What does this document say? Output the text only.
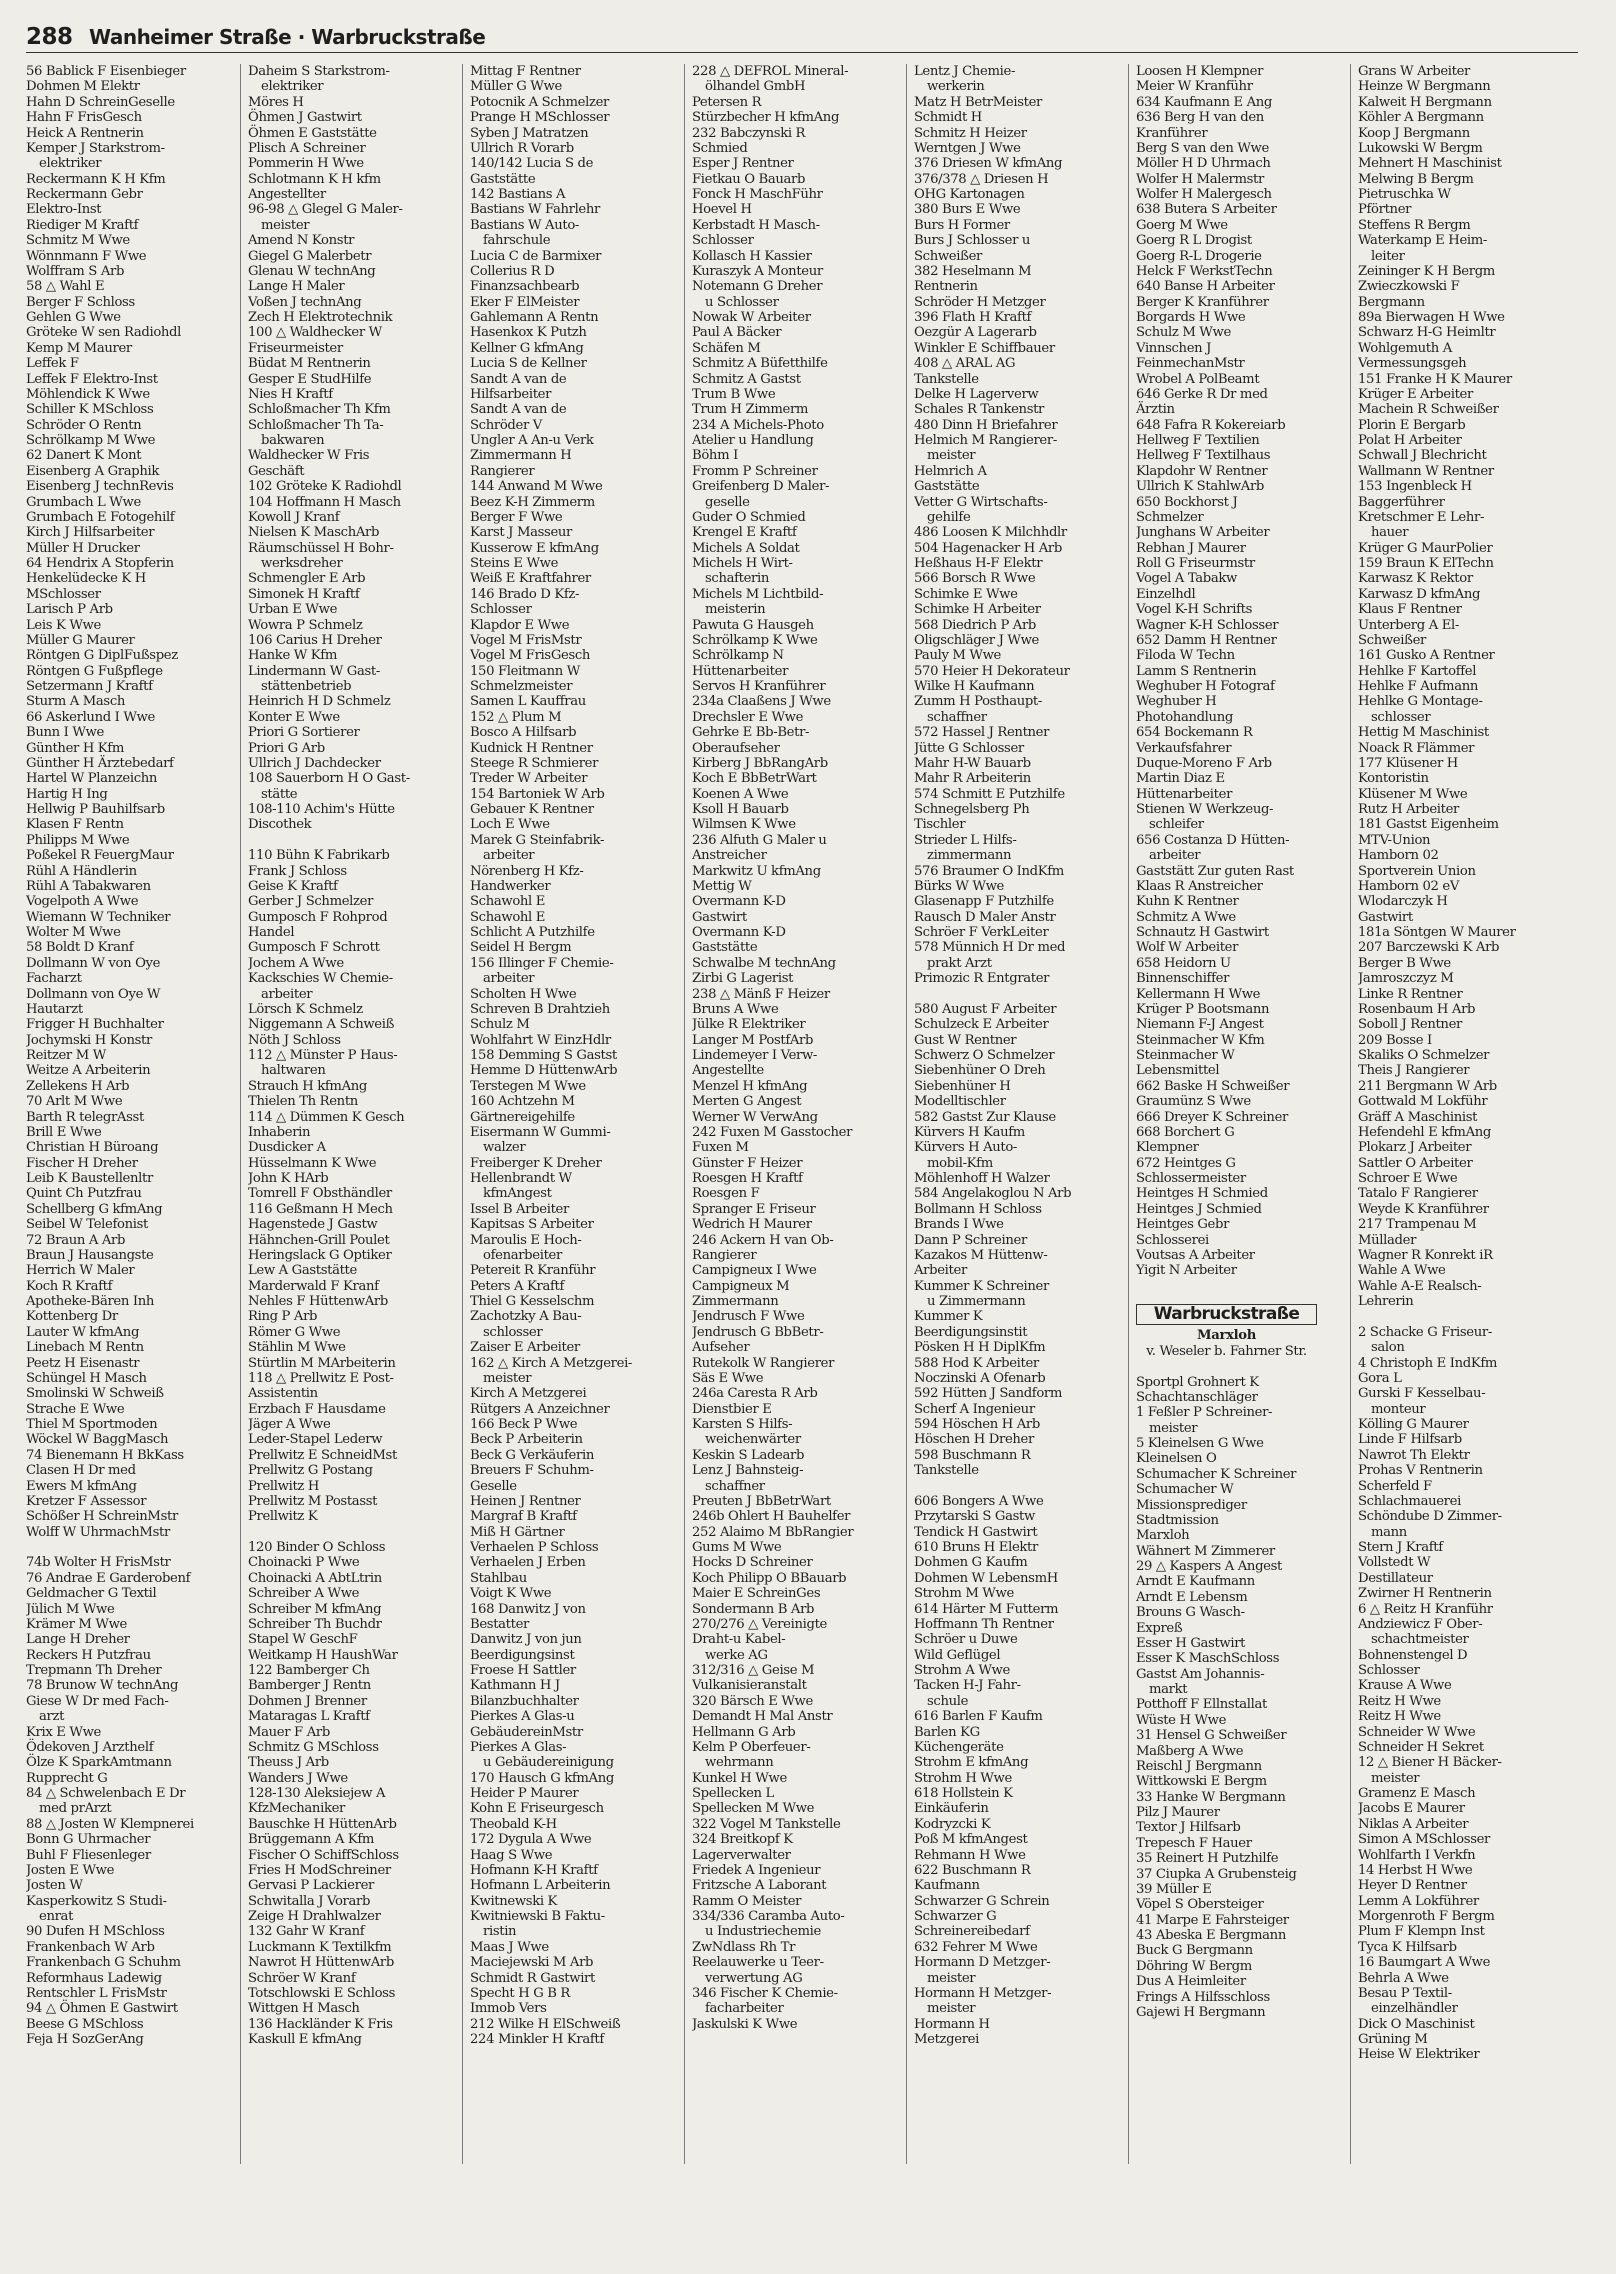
288 Wanheimer Straße · Warbruckstraße
56 Bablick F Eisenbieger
Dohmen M Elektr
Hahn D SchreinGeselle
Hahn F FrisGesch
Heick A Rentnerin
Kemper J Starkstrom-
elektriker
Reckermann K H Kfm
Reckermann Gebr
Elektro-Inst
Riediger M Kraftf
Schmitz M Wwe
Wönnmann F Wwe
Wolffram S Arb
58 △ Wahl E
Berger F Schloss
Gehlen G Wwe
Gröteke W sen Radiohdl
Kemp M Maurer
Leffek F
Leffek F Elektro-Inst
Möhlendick K Wwe
Schiller K MSchloss
Schröder O Rentn
Schrölkamp M Wwe
62 Danert K Mont
Eisenberg A Graphik
Eisenberg J technRevis
Grumbach L Wwe
Grumbach E Fotogehilf
Kirch J Hilfsarbeiter
Müller H Drucker
64 Hendrix A Stopferin
Henkelüdecke K H
MSchlosser
Larisch P Arb
Leis K Wwe
Müller G Maurer
Röntgen G DiplFußspez
Röntgen G Fußpflege
Setzermann J Kraftf
Sturm A Masch
66 Askerlund I Wwe
Bunn I Wwe
Günther H Kfm
Günther H Ärztebedarf
Hartel W Planzeichn
Hartig H Ing
Hellwig P Bauhilfsarb
Klasen F Rentn
Philipps M Wwe
Poßekel R FeuergMaur
Rühl A Händlerin
Rühl A Tabakwaren
Vogelpoth A Wwe
Wiemann W Techniker
Wolter M Wwe
58 Boldt D Kranf
Dollmann W von Oye
Facharzt
Dollmann von Oye W
Hautarzt
Frigger H Buchhalter
Jochymski H Konstr
Reitzer M W
Weitze A Arbeiterin
Zellekens H Arb
70 Arlt M Wwe
Barth R telegrAsst
Brill E Wwe
Christian H Büroang
Fischer H Dreher
Leib K Baustellenltr
Quint Ch Putzfrau
Schellberg G kfmAng
Seibel W Telefonist
72 Braun A Arb
Braun J Hausangste
Herrich W Maler
Koch R Kraftf
Apotheke-Bären Inh
Kottenberg Dr
Lauter W kfmAng
Linebach M Rentn
Peetz H Eisenastr
Schüngel H Masch
Smolinski W Schweiß
Strache E Wwe
Thiel M Sportmoden
Wöckel W BaggMasch
74 Bienemann H BkKass
Clasen H Dr med
Ewers M kfmAng
Kretzer F Assessor
Schößer H SchreinMstr
Wolff W UhrmachMstr

74b Wolter H FrisMstr
76 Andrae E Garderobenf
Geldmacher G Textil
Jülich M Wwe
Krämer M Wwe
Lange H Dreher
Reckers H Putzfrau
Trepmann Th Dreher
78 Brunow W technAng
Giese W Dr med Fach-
arzt
Krix E Wwe
Ödekoven J Arzthelf
Ölze K SparkAmtmann
Rupprecht G
84 △ Schwelenbach E Dr
med prArzt
88 △ Josten W Klempnerei
Bonn G Uhrmacher
Buhl F Fliesenleger
Josten E Wwe
Josten W
Kasperkowitz S Studi-
enrat
90 Dufen H MSchloss
Frankenbach W Arb
Frankenbach G Schuhm
Reformhaus Ladewig
Rentschler L FrisMstr
94 △ Öhmen E Gastwirt
Beese G MSchloss
Feja H SozGerAng
Daheim S Starkstrom-
elektriker
Möres H
Öhmen J Gastwirt
Öhmen E Gaststätte
Plisch A Schreiner
Pommerin H Wwe
Schlotmann K H kfm
Angestellter
96-98 △ Glegel G Maler-
meister
Amend N Konstr
Giegel G Malerbetr
Glenau W technAng
Lange H Maler
Voßen J technAng
Zech H Elektrotechnik
100 △ Waldhecker W
Friseurmeister
Büdat M Rentnerin
Gesper E StudHilfe
Nies H Kraftf
Schloßmacher Th Kfm
Schloßmacher Th Ta-
bakwaren
Waldhecker W Fris
Geschäft
102 Gröteke K Radiohdl
104 Hoffmann H Masch
Kowoll J Kranf
Nielsen K MaschArb
Räumschüssel H Bohr-
werksdreher
Schmengler E Arb
Simonek H Kraftf
Urban E Wwe
Wowra P Schmelz
106 Carius H Dreher
Hanke W Kfm
Lindermann W Gast-
stättenbetrieb
Heinrich H D Schmelz
Konter E Wwe
Priori G Sortierer
Priori G Arb
Ullrich J Dachdecker
108 Sauerborn H O Gast-
stätte
108-110 Achim's Hütte
Discothek

110 Bühn K Fabrikarb
Frank J Schloss
Geise K Kraftf
Gerber J Schmelzer
Gumposch F Rohprod
Handel
Gumposch F Schrott
Jochem A Wwe
Kackschies W Chemie-
arbeiter
Lörsch K Schmelz
Niggemann A Schweiß
Nöth J Schloss
112 △ Münster P Haus-
haltwaren
Strauch H kfmAng
Thielen Th Rentn
114 △ Dümmen K Gesch
Inhaberin
Dusdicker A
Hüsselmann K Wwe
John K HArb
Tomrell F Obsthändler
116 Geßmann H Mech
Hagenstede J Gastw
Hähnchen-Grill Poulet
Heringslack G Optiker
Lew A Gaststätte
Marderwald F Kranf
Nehles F HüttenwArb
Ring P Arb
Römer G Wwe
Stählin M Wwe
Stürtlin M MArbeiterin
118 △ Prellwitz E Post-
Assistentin
Erzbach F Hausdame
Jäger A Wwe
Leder-Stapel Lederw
Prellwitz E SchneidMst
Prellwitz G Postang
Prellwitz H
Prellwitz M Postasst
Prellwitz K

120 Binder O Schloss
Choinacki P Wwe
Choinacki A AbtLtrin
Schreiber A Wwe
Schreiber M kfmAng
Schreiber Th Buchdr
Stapel W GeschF
Weitkamp H HaushWar
122 Bamberger Ch
Bamberger J Rentn
Dohmen J Brenner
Mataragas L Kraftf
Mauer F Arb
Schmitz G MSchloss
Theuss J Arb
Wanders J Wwe
128-130 Aleksiejew A
KfzMechaniker
Bauschke H HüttenArb
Brüggemann A Kfm
Fischer O SchiffSchloss
Fries H ModSchreiner
Gervasi P Lackierer
Schwitalla J Vorarb
Zeige H Drahlwalzer
132 Gahr W Kranf
Luckmann K Textilkfm
Nawrot H HüttenwArb
Schröer W Kranf
Totschlowski E Schloss
Wittgen H Masch
136 Hackländer K Fris
Kaskull E kfmAng
Mittag F Rentner
Müller G Wwe
Potocnik A Schmelzer
Prange H MSchlosser
Syben J Matratzen
Ullrich R Vorarb
140/142 Lucia S de
Gaststätte
142 Bastians A
Bastians W Fahrlehr
Bastians W Auto-
fahrschule
Lucia C de Barmixer
Collerius R D
Finanzsachbearb
Eker F ElMeister
Gahlemann A Rentn
Hasenkox K Putzh
Kellner G kfmAng
Lucia S de Kellner
Sandt A van de
Hilfsarbeiter
Sandt A van de
Schröder V
Ungler A An-u Verk
Zimmermann H
Rangierer
144 Anwand M Wwe
Beez K-H Zimmerm
Berger F Wwe
Karst J Masseur
Kusserow E kfmAng
Steins E Wwe
Weiß E Kraftfahrer
146 Brado D Kfz-
Schlosser
Klapdor E Wwe
Vogel M FrisMstr
Vogel M FrisGesch
150 Fleitmann W
Schmelzmeister
Samen L Kauffrau
152 △ Plum M
Bosco A Hilfsarb
Kudnick H Rentner
Steege R Schmierer
Treder W Arbeiter
154 Bartoniek W Arb
Gebauer K Rentner
Loch E Wwe
Marek G Steinfabrik-
arbeiter
Nörenberg H Kfz-
Handwerker
Schawohl E
Schawohl E
Schlicht A Putzhilfe
Seidel H Bergm
156 Illinger F Chemie-
arbeiter
Scholten H Wwe
Schreven B Drahtzieh
Schulz M
Wohlfahrt W EinzHdlr
158 Demming S Gastst
Hemme D HüttenwArb
Terstegen M Wwe
160 Achtzehn M
Gärtnereigehilfe
Eisermann W Gummi-
walzer
Freiberger K Dreher
Hellenbrandt W
kfmAngest
Issel B Arbeiter
Kapitsas S Arbeiter
Maroulis E Hoch-
ofenarbeiter
Petereit R Kranführ
Peters A Kraftf
Thiel G Kesselschm
Zachotzky A Bau-
schlosser
Zaiser E Arbeiter
162 △ Kirch A Metzgerei-
meister
Kirch A Metzgerei
Rütgers A Anzeichner
166 Beck P Wwe
Beck P Arbeiterin
Beck G Verkäuferin
Breuers F Schuhm-
Geselle
Heinen J Rentner
Margraf B Kraftf
Miß H Gärtner
Verhaelen P Schloss
Verhaelen J Erben
Stahlbau
Voigt K Wwe
168 Danwitz J von
Bestatter
Danwitz J von jun
Beerdigungsinst
Froese H Sattler
Kathmann H J
Bilanzbuchhalter
Pierkes A Glas-u
GebäudereinMstr
Pierkes A Glas-
u Gebäudereinigung
170 Hausch G kfmAng
Heider P Maurer
Kohn E Friseurgesch
Theobald K-H
172 Dygula A Wwe
Haag S Wwe
Hofmann K-H Kraftf
Hofmann L Arbeiterin
Kwitnewski K
Kwitniewski B Faktu-
ristin
Maas J Wwe
Maciejewski M Arb
Schmidt R Gastwirt
Specht H G B R
Immob Vers
212 Wilke H ElSchweiß
224 Minkler H Kraftf
228 △ DEFROL Mineral-
ölhandel GmbH
Petersen R
Stürzbecher H kfmAng
232 Babczynski R
Schmied
Esper J Rentner
Fietkau O Bauarb
Fonck H MaschFühr
Hoevel H
Kerbstadt H Masch-
Schlosser
Kollasch H Kassier
Kuraszyk A Monteur
Notemann G Dreher
u Schlosser
Nowak W Arbeiter
Paul A Bäcker
Schäfen M
Schmitz A Büfetthilfe
Schmitz A Gastst
Trum B Wwe
Trum H Zimmerm
234 A Michels-Photo
Atelier u Handlung
Böhm I
Fromm P Schreiner
Greifenberg D Maler-
geselle
Guder O Schmied
Krengel E Kraftf
Michels A Soldat
Michels H Wirt-
schafterin
Michels M Lichtbild-
meisterin
Pawuta G Hausgeh
Schrölkamp K Wwe
Schrölkamp N
Hüttenarbeiter
Servos H Kranführer
234a Claaßens J Wwe
Drechsler E Wwe
Gehrke E Bb-Betr-
Oberaufseher
Kirberg J BbRangArb
Koch E BbBetrWart
Koenen A Wwe
Ksoll H Bauarb
Wilmsen K Wwe
236 Alfuth G Maler u
Anstreicher
Markwitz U kfmAng
Mettig W
Overmann K-D
Gastwirt
Overmann K-D
Gaststätte
Schwalbe M technAng
Zirbi G Lagerist
238 △ Mänß F Heizer
Bruns A Wwe
Jülke R Elektriker
Langer M PostfArb
Lindemeyer I Verw-
Angestellte
Menzel H kfmAng
Merten G Angest
Werner W VerwAng
242 Fuxen M Gasstocher
Fuxen M
Günster F Heizer
Roesgen H Kraftf
Roesgen F
Spranger E Friseur
Wedrich H Maurer
246 Ackern H van Ob-
Rangierer
Campigneux I Wwe
Campigneux M
Zimmermann
Jendrusch F Wwe
Jendrusch G BbBetr-
Aufseher
Rutekolk W Rangierer
Säs E Wwe
246a Caresta R Arb
Dienstbier E
Karsten S Hilfs-
weichenwärter
Keskin S Ladearb
Lenz J Bahnsteig-
schaffner
Preuten J BbBetrWart
246b Ohlert H Bauhelfer
252 Alaimo M BbRangier
Gums M Wwe
Hocks D Schreiner
Koch Philipp O BBauarb
Maier E SchreinGes
Sondermann B Arb
270/276 △ Vereinigte
Draht-u Kabel-
werke AG
312/316 △ Geise M
Vulkanisieranstalt
320 Bärsch E Wwe
Demandt H Mal Anstr
Hellmann G Arb
Kelm P Oberfeuer-
wehrmann
Kunkel H Wwe
Spellecken L
Spellecken M Wwe
322 Vogel M Tankstelle
324 Breitkopf K
Lagerverwalter
Friedek A Ingenieur
Fritzsche A Laborant
Ramm O Meister
334/336 Caramba Auto-
u Industriechemie
ZwNdlass Rh Tr
Reelauwerke u Teer-
verwertung AG
346 Fischer K Chemie-
facharbeiter
Jaskulski K Wwe
Lentz J Chemie-
werkerin
Matz H BetrMeister
Schmidt H
Schmitz H Heizer
Werntgen J Wwe
376 Driesen W kfmAng
376/378 △ Driesen H
OHG Kartonagen
380 Burs E Wwe
Burs H Former
Burs J Schlosser u
Schweißer
382 Heselmann M
Rentnerin
Schröder H Metzger
396 Flath H Kraftf
Oezgür A Lagerarb
Winkler E Schiffbauer
408 △ ARAL AG
Tankstelle
Delke H Lagerverw
Schales R Tankenstr
480 Dinn H Briefahrer
Helmich M Rangierer-
meister
Helmrich A
Gaststätte
Vetter G Wirtschafts-
gehilfe
486 Loosen K Milchhdlr
504 Hagenacker H Arb
Heßhaus H-F Elektr
566 Borsch R Wwe
Schimke E Wwe
Schimke H Arbeiter
568 Diedrich P Arb
Oligschläger J Wwe
Pauly M Wwe
570 Heier H Dekorateur
Wilke H Kaufmann
Zumm H Posthaupt-
schaffner
572 Hassel J Rentner
Jütte G Schlosser
Mahr H-W Bauarb
Mahr R Arbeiterin
574 Schmitt E Putzhilfe
Schnegelsberg Ph
Tischler
Strieder L Hilfs-
zimmermann
576 Braumer O IndKfm
Bürks W Wwe
Glasenapp F Putzhilfe
Rausch D Maler Anstr
Schröer F VerkLeiter
578 Münnich H Dr med
prakt Arzt
Primozic R Entgrater

580 August F Arbeiter
Schulzeck E Arbeiter
Gust W Rentner
Schwerz O Schmelzer
Siebenhüner O Dreh
Siebenhüner H
Modelltischler
582 Gastst Zur Klause
Kürvers H Kaufm
Kürvers H Auto-
mobil-Kfm
Möhlenhoff H Walzer
584 Angelakoglou N Arb
Bollmann H Schloss
Brands I Wwe
Dann P Schreiner
Kazakos M Hüttenw-
Arbeiter
Kummer K Schreiner
u Zimmermann
Kummer K
Beerdigungsinstit
Pösken H H DiplKfm
588 Hod K Arbeiter
Noczinski A Ofenarb
592 Hütten J Sandform
Scherf A Ingenieur
594 Höschen H Arb
Höschen H Dreher
598 Buschmann R
Tankstelle

606 Bongers A Wwe
Przytarski S Gastw
Tendick H Gastwirt
610 Bruns H Elektr
Dohmen G Kaufm
Dohmen W LebensmH
Strohm M Wwe
614 Härter M Futterm
Hoffmann Th Rentner
Schröer u Duwe
Wild Geflügel
Strohm A Wwe
Tacken H-J Fahr-
schule
616 Barlen F Kaufm
Barlen KG
Küchengeräte
Strohm E kfmAng
Strohm H Wwe
618 Hollstein K
Einkäuferin
Kodryzcki K
Poß M kfmAngest
Rehmann H Wwe
622 Buschmann R
Kaufmann
Schwarzer G Schrein
Schwarzer G
Schreinereibedarf
632 Fehrer M Wwe
Hormann D Metzger-
meister
Hormann H Metzger-
meister
Hormann H
Metzgerei
Loosen H Klempner
Meier W Kranführ
634 Kaufmann E Ang
636 Berg H van den
Kranführer
Berg S van den Wwe
Möller H D Uhrmach
Wolfer H Malermstr
Wolfer H Malergesch
638 Butera S Arbeiter
Goerg M Wwe
Goerg R L Drogist
Goerg R-L Drogerie
Helck F WerkstTechn
640 Banse H Arbeiter
Berger K Kranführer
Borgards H Wwe
Schulz M Wwe
Vinnschen J
FeinmechanMstr
Wrobel A PolBeamt
646 Gerke R Dr med
Ärztin
648 Fafra R Kokereiarb
Hellweg F Textilien
Hellweg F Textilhaus
Klapdohr W Rentner
Ullrich K StahlwArb
650 Bockhorst J
Schmelzer
Junghans W Arbeiter
Rebhan J Maurer
Roll G Friseurmstr
Vogel A Tabakw
Einzelhdl
Vogel K-H Schrifts
Wagner K-H Schlosser
652 Damm H Rentner
Filoda W Techn
Lamm S Rentnerin
Weghuber H Fotograf
Weghuber H
Photohandlung
654 Bockemann R
Verkaufsfahrer
Duque-Moreno F Arb
Martin Diaz E
Hüttenarbeiter
Stienen W Werkzeug-
schleifer
656 Costanza D Hütten-
arbeiter
Gaststätt Zur guten Rast
Klaas R Anstreicher
Kuhn K Rentner
Schmitz A Wwe
Schnautz H Gastwirt
Wolf W Arbeiter
658 Heidorn U
Binnenschiffer
Kellermann H Wwe
Krüger P Bootsmann
Niemann F-J Angest
Steinmacher W Kfm
Steinmacher W
Lebensmittel
662 Baske H Schweißer
Graumünz S Wwe
666 Dreyer K Schreiner
668 Borchert G
Klempner
672 Heintges G
Schlossermeister
Heintges H Schmied
Heintges J Schmied
Heintges Gebr
Schlosserei
Voutsas A Arbeiter
Yigit N Arbeiter

Warbruckstraße
Marxloh
v. Weseler b. Fahrner Str.

Sportpl Grohnert K
Schachtanschläger
1 Feßler P Schreiner-
meister
5 Kleinelsen G Wwe
Kleinelsen O
Schumacher K Schreiner
Schumacher W
Missionsprediger
Stadtmission
Marxloh
Wähnert M Zimmerer
29 △ Kaspers A Angest
Arndt E Kaufmann
Arndt E Lebensm
Brouns G Wasch-
Expreß
Esser H Gastwirt
Esser K MaschSchloss
Gastst Am Johannis-
markt
Potthoff F Ellnstallat
Wüste H Wwe
31 Hensel G Schweißer
Maßberg A Wwe
Reischl J Bergmann
Wittkowski E Bergm
33 Hanke W Bergmann
Pilz J Maurer
Textor J Hilfsarb
Trepesch F Hauer
35 Reinert H Putzhilfe
37 Ciupka A Grubensteig
39 Müller E
Vöpel S Obersteiger
41 Marpe E Fahrsteiger
43 Abeska E Bergmann
Buck G Bergmann
Döhring W Bergm
Dus A Heimleiter
Frings A Hilfsschloss
Gajewi H Bergmann
Grans W Arbeiter
Heinze W Bergmann
Kalweit H Bergmann
Köhler A Bergmann
Koop J Bergmann
Lukowski W Bergm
Mehnert H Maschinist
Melwing B Bergm
Pietruschka W
Pförtner
Steffens R Bergm
Waterkamp E Heim-
leiter
Zeininger K H Bergm
Zwieczkowski F
Bergmann
89a Bierwagen H Wwe
Schwarz H-G Heimltr
Wohlgemuth A
Vermessungsgeh
151 Franke H K Maurer
Krüger E Arbeiter
Machein R Schweißer
Plorin E Bergarb
Polat H Arbeiter
Schwall J Blechricht
Wallmann W Rentner
153 Ingenbleck H
Baggerführer
Kretschmer E Lehr-
hauer
Krüger G MaurPolier
159 Braun K ElTechn
Karwasz K Rektor
Karwasz D kfmAng
Klaus F Rentner
Unterberg A El-
Schweißer
161 Gusko A Rentner
Hehlke F Kartoffel
Hehlke F Aufmann
Hehlke G Montage-
schlosser
Hettig M Maschinist
Noack R Flämmer
177 Klüsener H
Kontoristin
Klüsener M Wwe
Rutz H Arbeiter
181 Gastst Eigenheim
MTV-Union
Hamborn 02
Sportverein Union
Hamborn 02 eV
Wlodarczyk H
Gastwirt
181a Söntgen W Maurer
207 Barczewski K Arb
Berger B Wwe
Jamroszczyz M
Linke R Rentner
Rosenbaum H Arb
Soboll J Rentner
209 Bosse I
Skaliks O Schmelzer
Theis J Rangierer
211 Bergmann W Arb
Gottwald M Lokführ
Gräff A Maschinist
Hefendehl E kfmAng
Plokarz J Arbeiter
Sattler O Arbeiter
Schroer E Wwe
Tatalo F Rangierer
Weyde K Kranführer
217 Trampenau M
Müllader
Wagner R Konrekt iR
Wahle A Wwe
Wahle A-E Realsch-
Lehrerin

2 Schacke G Friseur-
salon
4 Christoph E IndKfm
Gora L
Gurski F Kesselbau-
monteur
Kölling G Maurer
Linde F Hilfsarb
Nawrot Th Elektr
Prohas V Rentnerin
Scherfeld F
Schlachmauerei
Schöndube D Zimmer-
mann
Stern J Kraftf
Vollstedt W
Destillateur
Zwirner H Rentnerin
6 △ Reitz H Kranführ
Andziewicz F Ober-
schachtmeister
Bohnenstengel D
Schlosser
Krause A Wwe
Reitz H Wwe
Reitz H Wwe
Schneider W Wwe
Schneider H Sekret
12 △ Biener H Bäcker-
meister
Gramenz E Masch
Jacobs E Maurer
Niklas A Arbeiter
Simon A MSchlosser
Wohlfarth I Verkfn
14 Herbst H Wwe
Heyer D Rentner
Lemm A Lokführer
Morgenroth F Bergm
Plum F Klempn Inst
Tyca K Hilfsarb
16 Baumgart A Wwe
Behrla A Wwe
Besau P Textil-
einzelhändler
Dick O Maschinist
Grüning M
Heise W Elektriker
